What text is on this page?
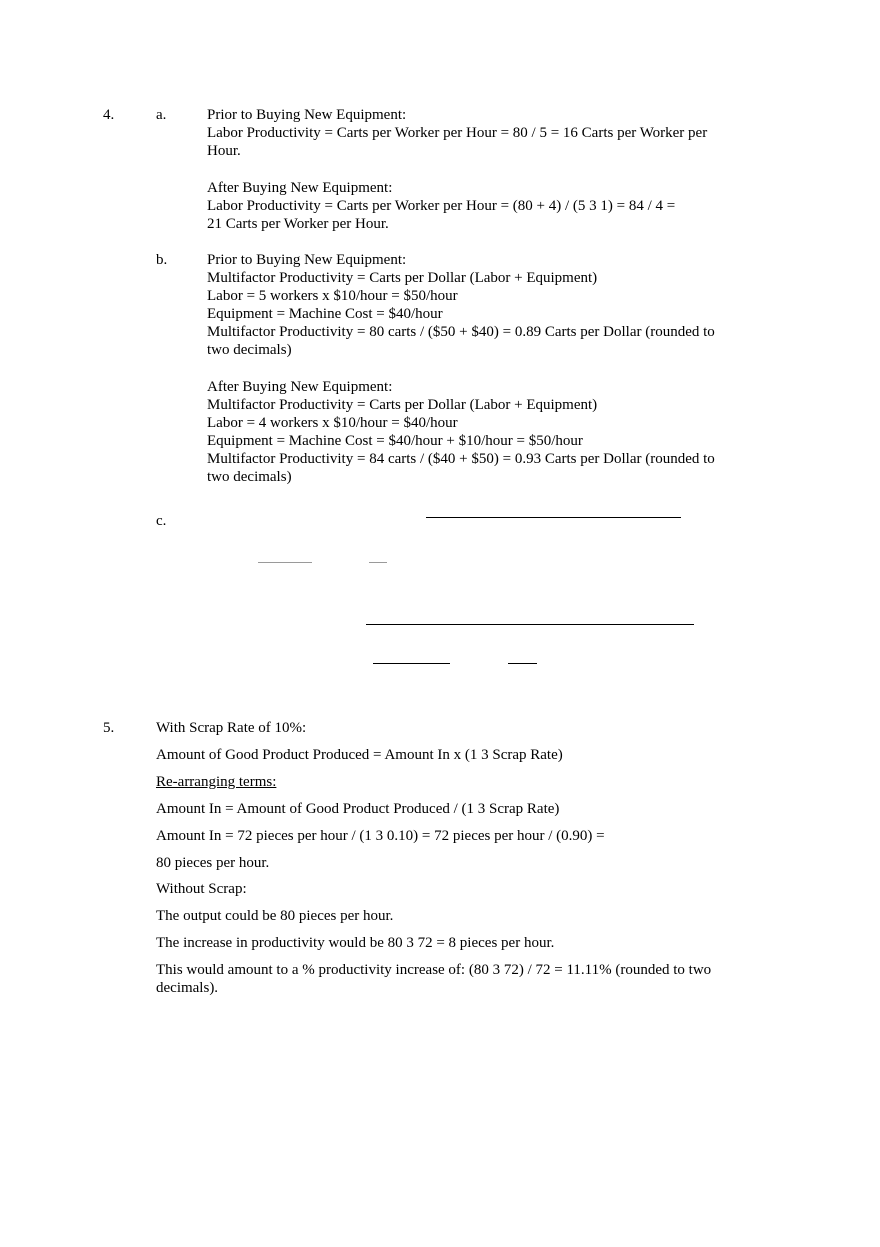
4.	a.	Prior to Buying New Equipment:
Labor Productivity = Carts per Worker per Hour = 80 / 5 = 16 Carts per Worker per
Hour.
After Buying New Equipment:
Labor Productivity = Carts per Worker per Hour = (80 + 4) / (5 3 1) = 84 / 4 =
21 Carts per Worker per Hour.
b.	Prior to Buying New Equipment:
Multifactor Productivity = Carts per Dollar (Labor + Equipment)
Labor = 5 workers x $10/hour = $50/hour
Equipment = Machine Cost = $40/hour
Multifactor Productivity = 80 carts / ($50 + $40) = 0.89 Carts per Dollar (rounded to
two decimals)
After Buying New Equipment:
Multifactor Productivity = Carts per Dollar (Labor + Equipment)
Labor = 4 workers x $10/hour = $40/hour
Equipment = Machine Cost = $40/hour + $10/hour = $50/hour
Multifactor Productivity = 84 carts / ($40 + $50) = 0.93 Carts per Dollar (rounded to
two decimals)
c.
5.	With Scrap Rate of 10%:
Amount of Good Product Produced = Amount In x (1 3 Scrap Rate)
Re-arranging terms:
Amount In = Amount of Good Product Produced / (1 3 Scrap Rate)
Amount In = 72 pieces per hour / (1 3 0.10) = 72 pieces per hour / (0.90) =
80 pieces per hour.
Without Scrap:
The output could be 80 pieces per hour.
The increase in productivity would be 80 3 72 = 8 pieces per hour.
This would amount to a % productivity increase of: (80 3 72) / 72 = 11.11% (rounded to two
decimals).
